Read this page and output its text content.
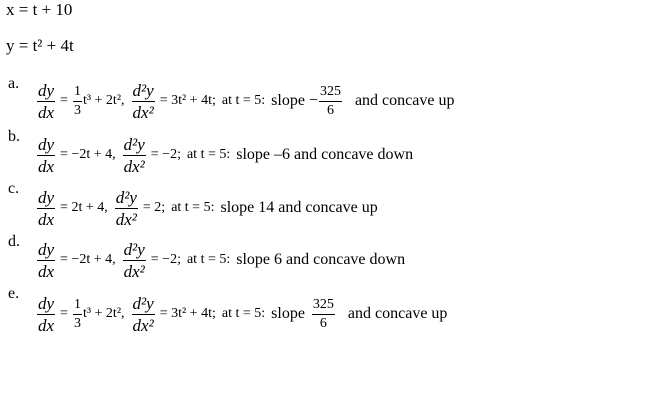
x = t + 10
y = t² + 4t
a. $\frac{dy}{dx} = \frac{1}{3} t^3 + 2t^2$, $\frac{\text{d²y}}{\text{dx²}} = 3t^2 + 4t$; at t = 5: slope − $\frac{325}{6}$ and concave up
b. $\frac{dy}{dx} = -2t + 4$, $\frac{\text{d²y}}{\text{dx²}} = -2$; at t = 5: slope –6 and concave down
c. $\frac{dy}{dx} = 2t + 4$, $\frac{\text{d²y}}{\text{dx²}} = 2$; at t = 5: slope 14 and concave up
d. $\frac{dy}{dx} = -2t + 4$, $\frac{\text{d²y}}{\text{dx²}} = -2$; at t = 5: slope 6 and concave down
e.
$\frac{dy}{dx} = \frac{1}{3} t^3 + 2t^2$, $\frac{\text{d²y}}{\text{dx²}} = 3t^2 + 4t$; at t = 5: slope $\frac{325}{6}$ and concave up
